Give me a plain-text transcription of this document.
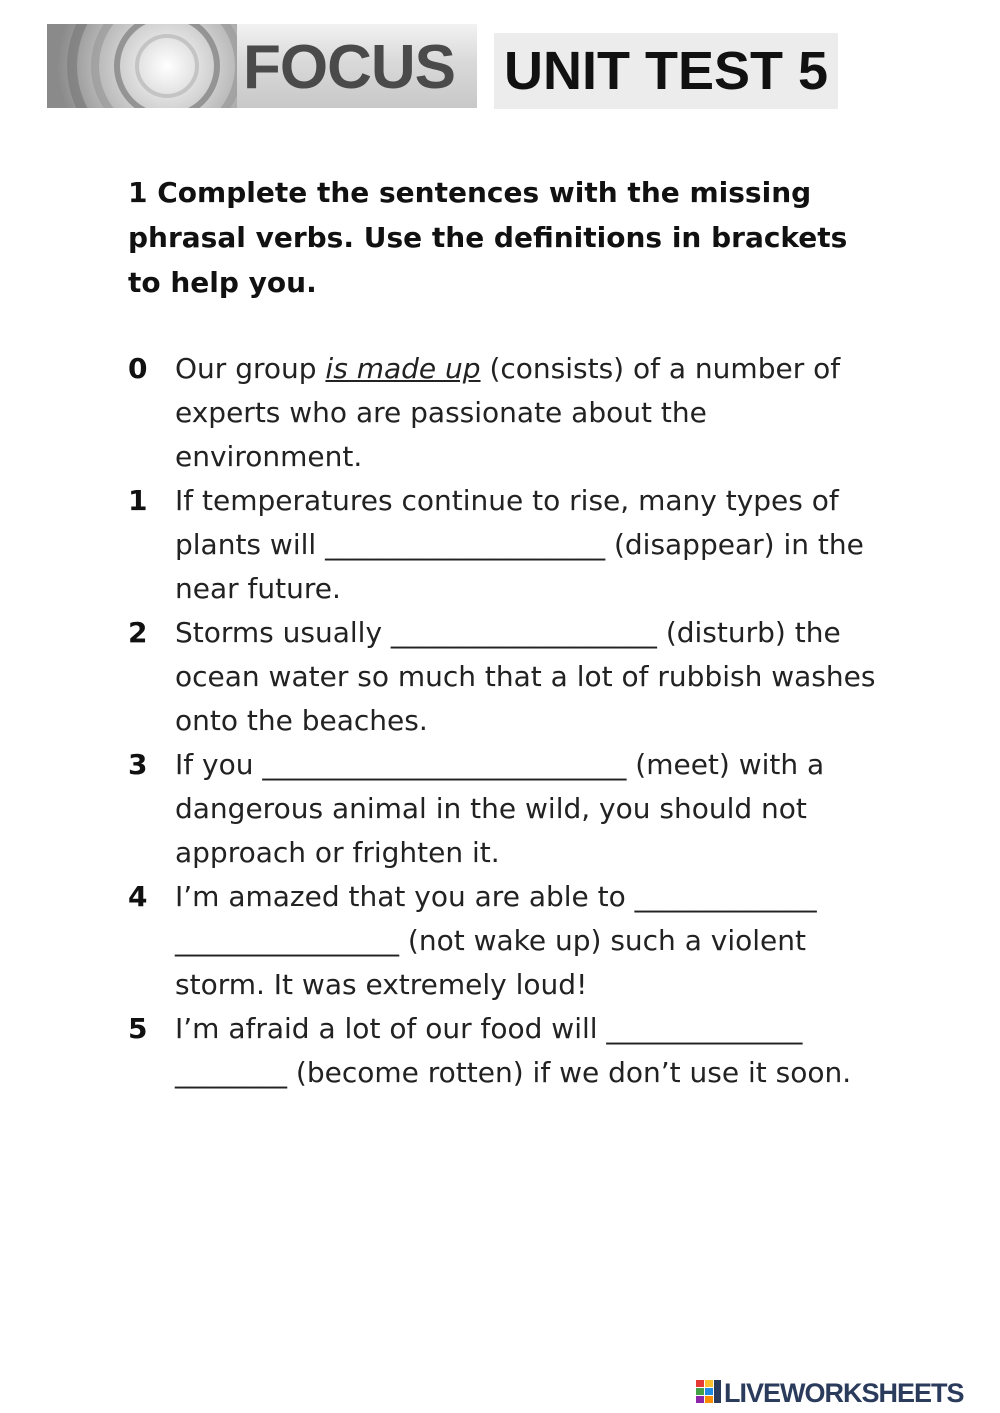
FOCUS UNIT TEST 5
1 Complete the sentences with the missing phrasal verbs. Use the definitions in brackets to help you.
0 Our group is made up (consists) of a number of experts who are passionate about the environment.
1 If temperatures continue to rise, many types of plants will ____________________ (disappear) in the near future.
2 Storms usually ___________________ (disturb) the ocean water so much that a lot of rubbish washes onto the beaches.
3 If you __________________________ (meet) with a dangerous animal in the wild, you should not approach or frighten it.
4 I’m amazed that you are able to _____________ ________________ (not wake up) such a violent storm. It was extremely loud!
5 I’m afraid a lot of our food will ______________ ________ (become rotten) if we don’t use it soon.
LIVEWORKSHEETS
